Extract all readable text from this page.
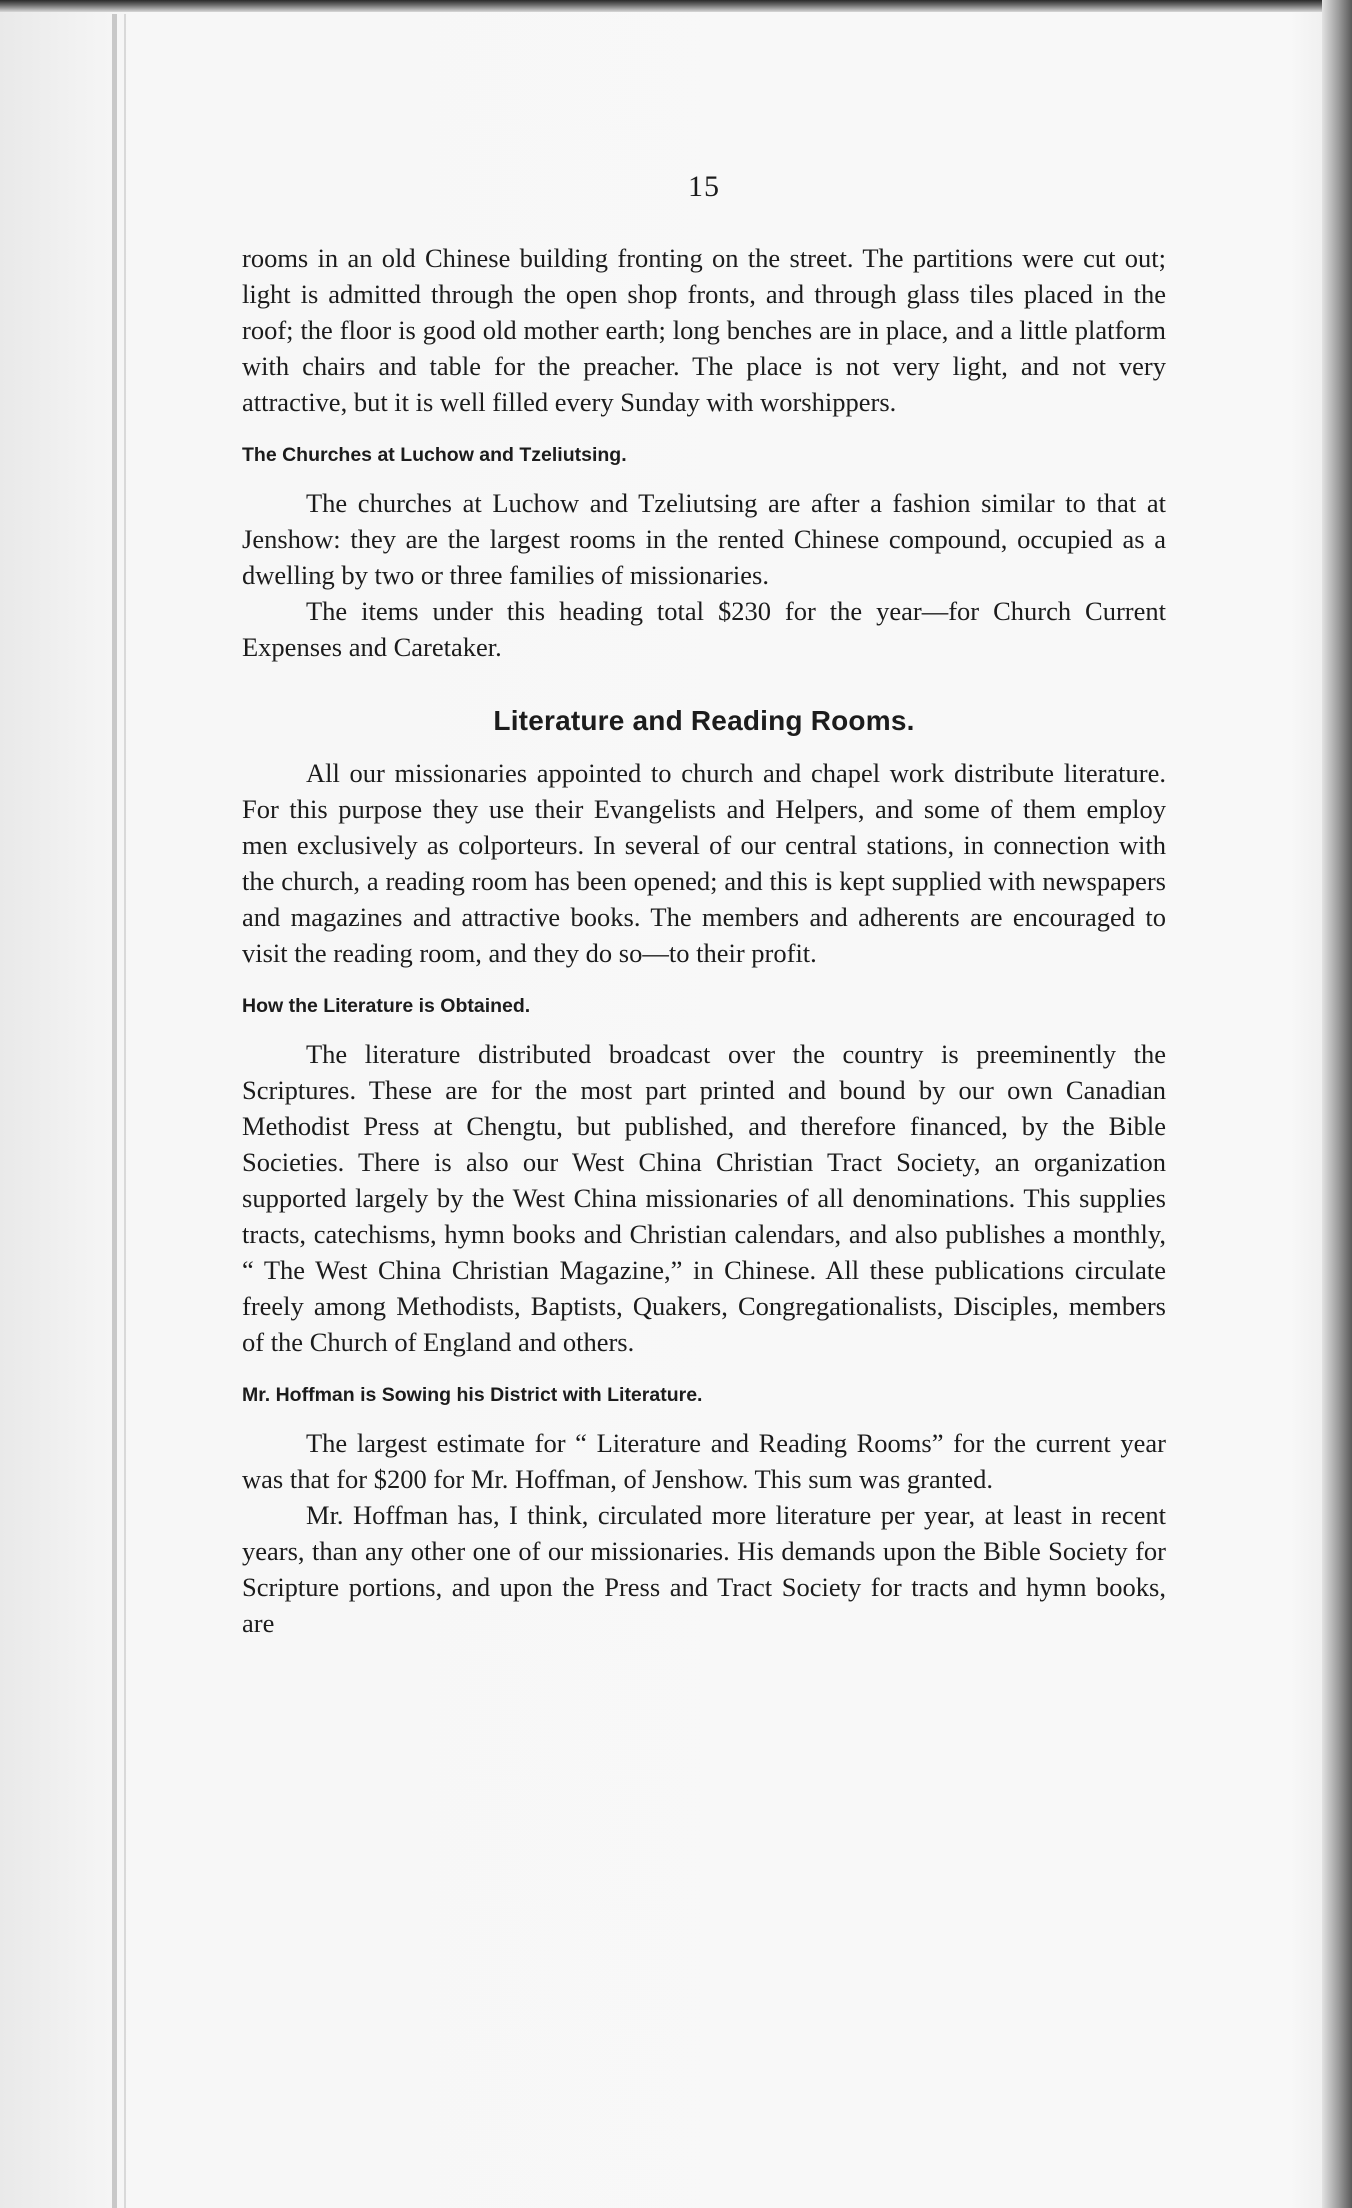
15

rooms in an old Chinese building fronting on the street. The partitions were cut out; light is admitted through the open shop fronts, and through glass tiles placed in the roof; the floor is good old mother earth; long benches are in place, and a little platform with chairs and table for the preacher. The place is not very light, and not very attractive, but it is well filled every Sunday with worshippers.

The Churches at Luchow and Tzeliutsing.

The churches at Luchow and Tzeliutsing are after a fashion similar to that at Jenshow: they are the largest rooms in the rented Chinese compound, occupied as a dwelling by two or three families of missionaries.

The items under this heading total $230 for the year—for Church Current Expenses and Caretaker.

Literature and Reading Rooms.

All our missionaries appointed to church and chapel work distribute literature. For this purpose they use their Evangelists and Helpers, and some of them employ men exclusively as colporteurs. In several of our central stations, in connection with the church, a reading room has been opened; and this is kept supplied with newspapers and magazines and attractive books. The members and adherents are encouraged to visit the reading room, and they do so—to their profit.

How the Literature is Obtained.

The literature distributed broadcast over the country is preeminently the Scriptures. These are for the most part printed and bound by our own Canadian Methodist Press at Chengtu, but published, and therefore financed, by the Bible Societies. There is also our West China Christian Tract Society, an organization supported largely by the West China missionaries of all denominations. This supplies tracts, catechisms, hymn books and Christian calendars, and also publishes a monthly, “ The West China Christian Magazine,” in Chinese. All these publications circulate freely among Methodists, Baptists, Quakers, Congregationalists, Disciples, members of the Church of England and others.

Mr. Hoffman is Sowing his District with Literature.

The largest estimate for “ Literature and Reading Rooms” for the current year was that for $200 for Mr. Hoffman, of Jenshow. This sum was granted.

Mr. Hoffman has, I think, circulated more literature per year, at least in recent years, than any other one of our missionaries. His demands upon the Bible Society for Scripture portions, and upon the Press and Tract Society for tracts and hymn books, are
